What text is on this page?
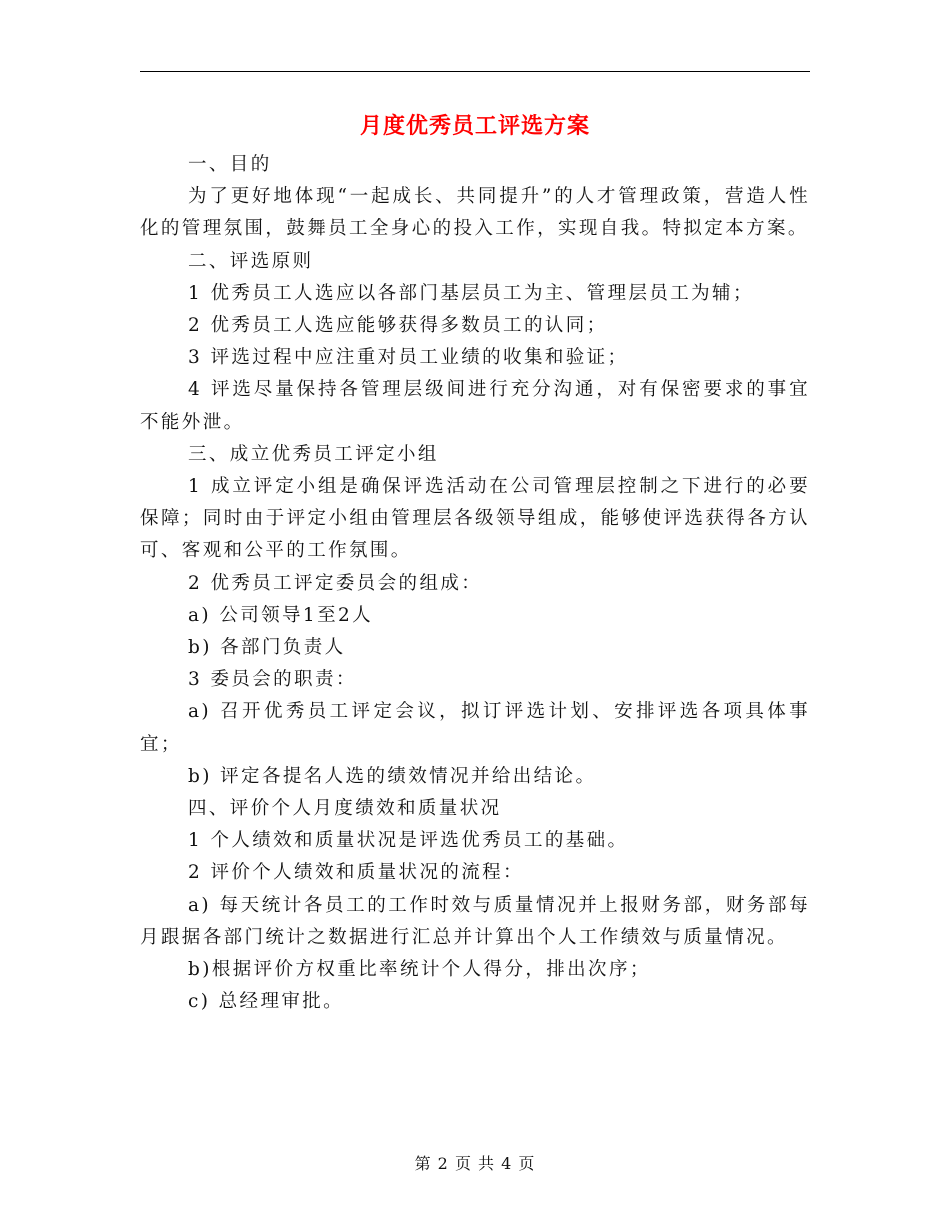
月度优秀员工评选方案

一、目的

为了更好地体现“一起成长、共同提升”的人才管理政策，营造人性化的管理氛围，鼓舞员工全身心的投入工作，实现自我。特拟定本方案。

二、评选原则

1 优秀员工人选应以各部门基层员工为主、管理层员工为辅；

2 优秀员工人选应能够获得多数员工的认同；

3 评选过程中应注重对员工业绩的收集和验证；

4 评选尽量保持各管理层级间进行充分沟通，对有保密要求的事宜不能外泄。

三、成立优秀员工评定小组

1 成立评定小组是确保评选活动在公司管理层控制之下进行的必要保障；同时由于评定小组由管理层各级领导组成，能够使评选获得各方认可、客观和公平的工作氛围。

2 优秀员工评定委员会的组成：

a) 公司领导1至2人

b) 各部门负责人

3 委员会的职责：

a) 召开优秀员工评定会议，拟订评选计划、安排评选各项具体事宜；

b) 评定各提名人选的绩效情况并给出结论。

四、评价个人月度绩效和质量状况

1 个人绩效和质量状况是评选优秀员工的基础。

2 评价个人绩效和质量状况的流程：

a) 每天统计各员工的工作时效与质量情况并上报财务部，财务部每月跟据各部门统计之数据进行汇总并计算出个人工作绩效与质量情况。

b)根据评价方权重比率统计个人得分，排出次序；

c) 总经理审批。

第 2 页 共 4 页
